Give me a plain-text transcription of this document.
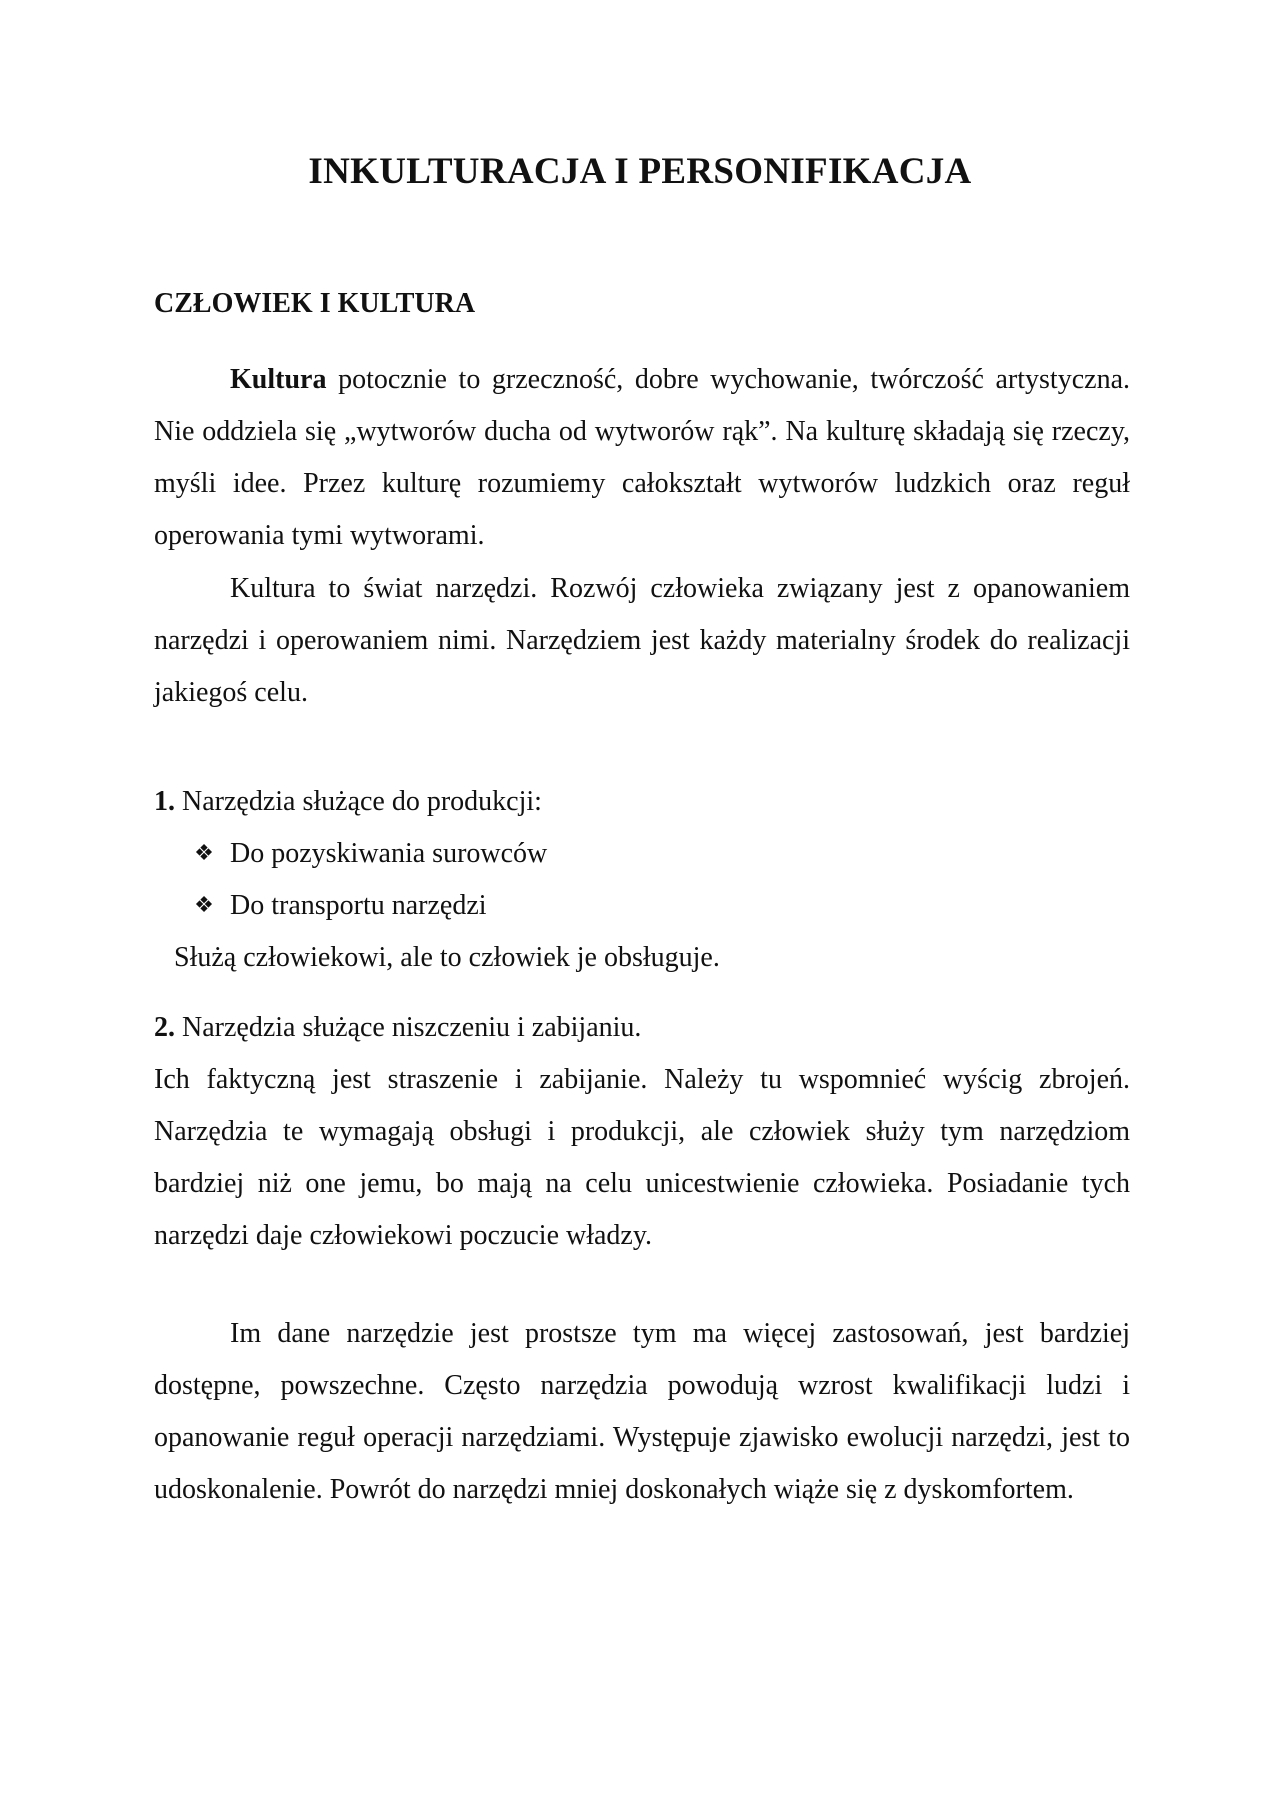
INKULTURACJA I PERSONIFIKACJA
CZŁOWIEK I KULTURA

Kultura potocznie to grzeczność, dobre wychowanie, twórczość artystyczna. Nie oddziela się „wytworów ducha od wytworów rąk”. Na kulturę składają się rzeczy, myśli idee. Przez kulturę rozumiemy całokształt wytworów ludzkich oraz reguł operowania tymi wytworami.

Kultura to świat narzędzi. Rozwój człowieka związany jest z opanowaniem narzędzi i operowaniem nimi. Narzędziem jest każdy materialny środek do realizacji jakiegoś celu.

1. Narzędzia służące do produkcji:

❖ Do pozyskiwania surowców
❖ Do transportu narzędzi

Służą człowiekowi, ale to człowiek je obsługuje.

2. Narzędzia służące niszczeniu i zabijaniu.

Ich faktyczną jest straszenie i zabijanie. Należy tu wspomnieć wyścig zbrojeń. Narzędzia te wymagają obsługi i produkcji, ale człowiek służy tym narzędziom bardziej niż one jemu, bo mają na celu unicestwienie człowieka. Posiadanie tych narzędzi daje człowiekowi poczucie władzy.

Im dane narzędzie jest prostsze tym ma więcej zastosowań, jest bardziej dostępne, powszechne. Często narzędzia powodują wzrost kwalifikacji ludzi i opanowanie reguł operacji narzędziami. Występuje zjawisko ewolucji narzędzi, jest to udoskonalenie. Powrót do narzędzi mniej doskonałych wiąże się z dyskomfortem.
